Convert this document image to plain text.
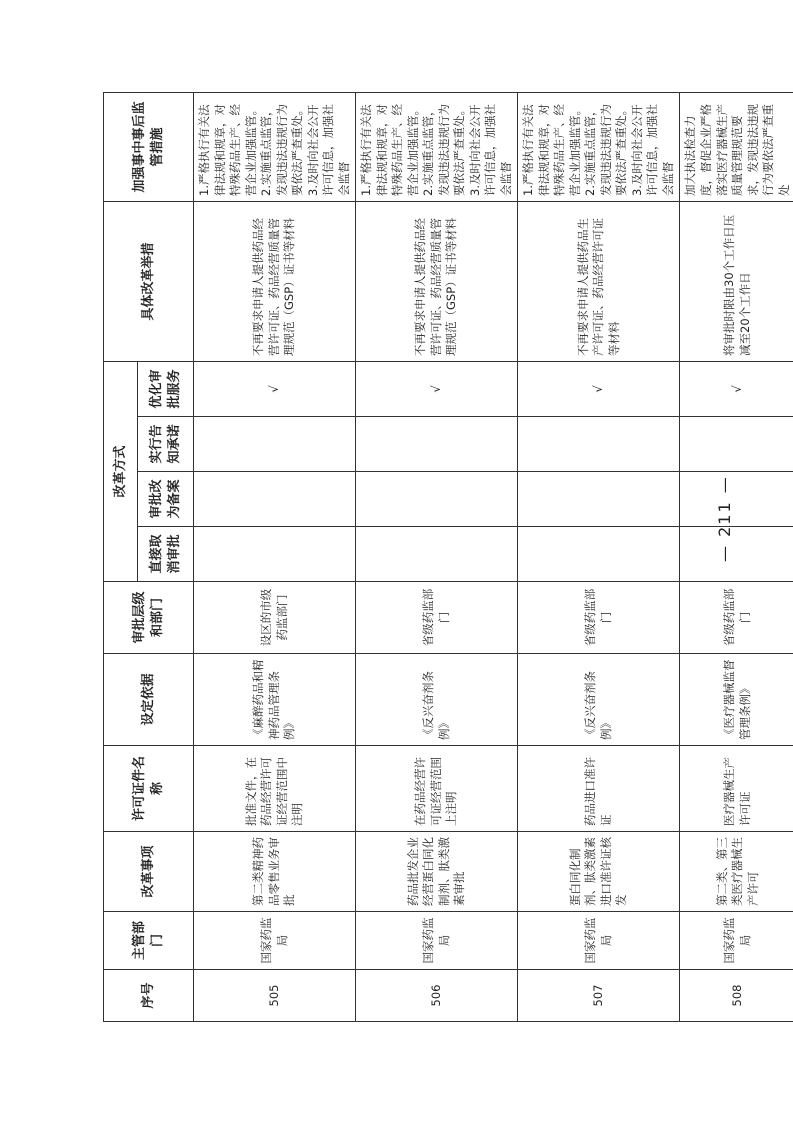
序号	主管部门	改革事项	许可证件名称	设定依据	审批层级和部门	改革方式				具体改革举措	加强事中事后监管措施
						直接取消审批	审批改为备案	实行告知承诺	优化审批服务		
505	国家药监局	第二类精神药品零售业务审批	批准文件，在药品经营许可证经营范围中注明	《麻醉药品和精神药品管理条例》	设区的市级药监部门				√	不再要求申请人提供药品经营许可证、药品经营质量管理规范（GSP）证书等材料	1.严格执行有关法律法规和规章，对特殊药品生产、经营企业加强监管。2.实施重点监管，发现违法违规行为要依法严查重处。3.及时向社会公开许可信息，加强社会监督
506	国家药监局	药品批发企业经营蛋白同化制剂、肽类激素审批	在药品经营许可证经营范围上注明	《反兴奋剂条例》	省级药监部门				√	不再要求申请人提供药品经营许可证、药品经营质量管理规范（GSP）证书等材料	1.严格执行有关法律法规和规章，对特殊药品生产、经营企业加强监管。2.实施重点监管，发现违法违规行为要依法严查重处。3.及时向社会公开许可信息，加强社会监督
507	国家药监局	蛋白同化制剂、肽类激素进口准许证核发	药品进口准许证	《反兴奋剂条例》	省级药监部门				√	不再要求申请人提供药品生产许可证、药品经营许可证等材料	1.严格执行有关法律法规和规章，对特殊药品生产、经营企业加强监管。2.实施重点监管，发现违法违规行为要依法严查重处。3.及时向社会公开许可信息，加强社会监督
508	国家药监局	第二类、第三类医疗器械生产许可	医疗器械生产许可证	《医疗器械监督管理条例》	省级药监部门				√	将审批时限由30个工作日压减至20个工作日	加大执法检查力度，督促企业严格落实医疗器械生产质量管理规范要求，发现违法违规行为要依法严查重处
— 211 —
